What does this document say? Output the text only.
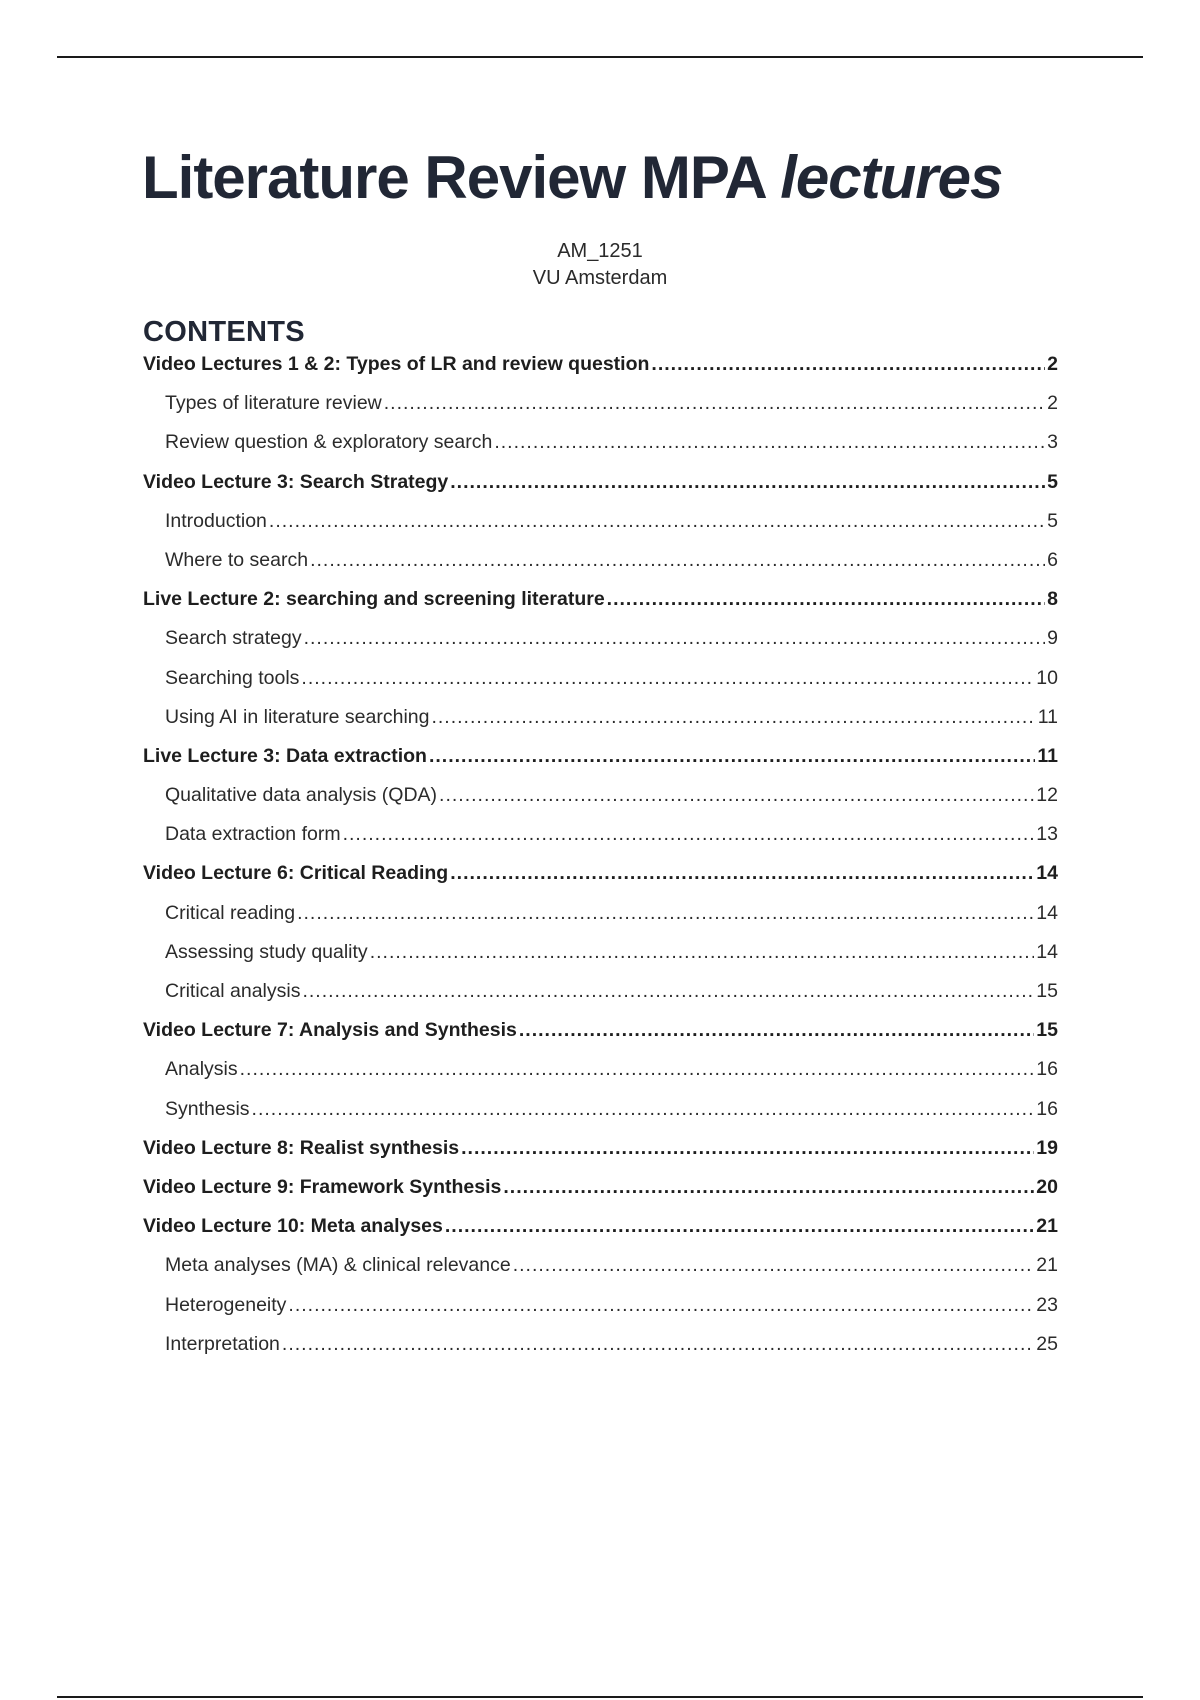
Literature Review MPA lectures
AM_1251
VU Amsterdam
CONTENTS
Video Lectures 1 & 2: Types of LR and review question .....	2
Types of literature review .....	2
Review question & exploratory search .....	3
Video Lecture 3: Search Strategy .....	5
Introduction .....	5
Where to search .....	6
Live Lecture 2: searching and screening literature .....	8
Search strategy .....	9
Searching tools .....	10
Using AI in literature searching .....	11
Live Lecture 3: Data extraction .....	11
Qualitative data analysis (QDA) .....	12
Data extraction form .....	13
Video Lecture 6: Critical Reading .....	14
Critical reading .....	14
Assessing study quality .....	14
Critical analysis .....	15
Video Lecture 7: Analysis and Synthesis .....	15
Analysis .....	16
Synthesis .....	16
Video Lecture 8: Realist synthesis .....	19
Video Lecture 9: Framework Synthesis .....	20
Video Lecture 10: Meta analyses .....	21
Meta analyses (MA) & clinical relevance .....	21
Heterogeneity .....	23
Interpretation .....	25
